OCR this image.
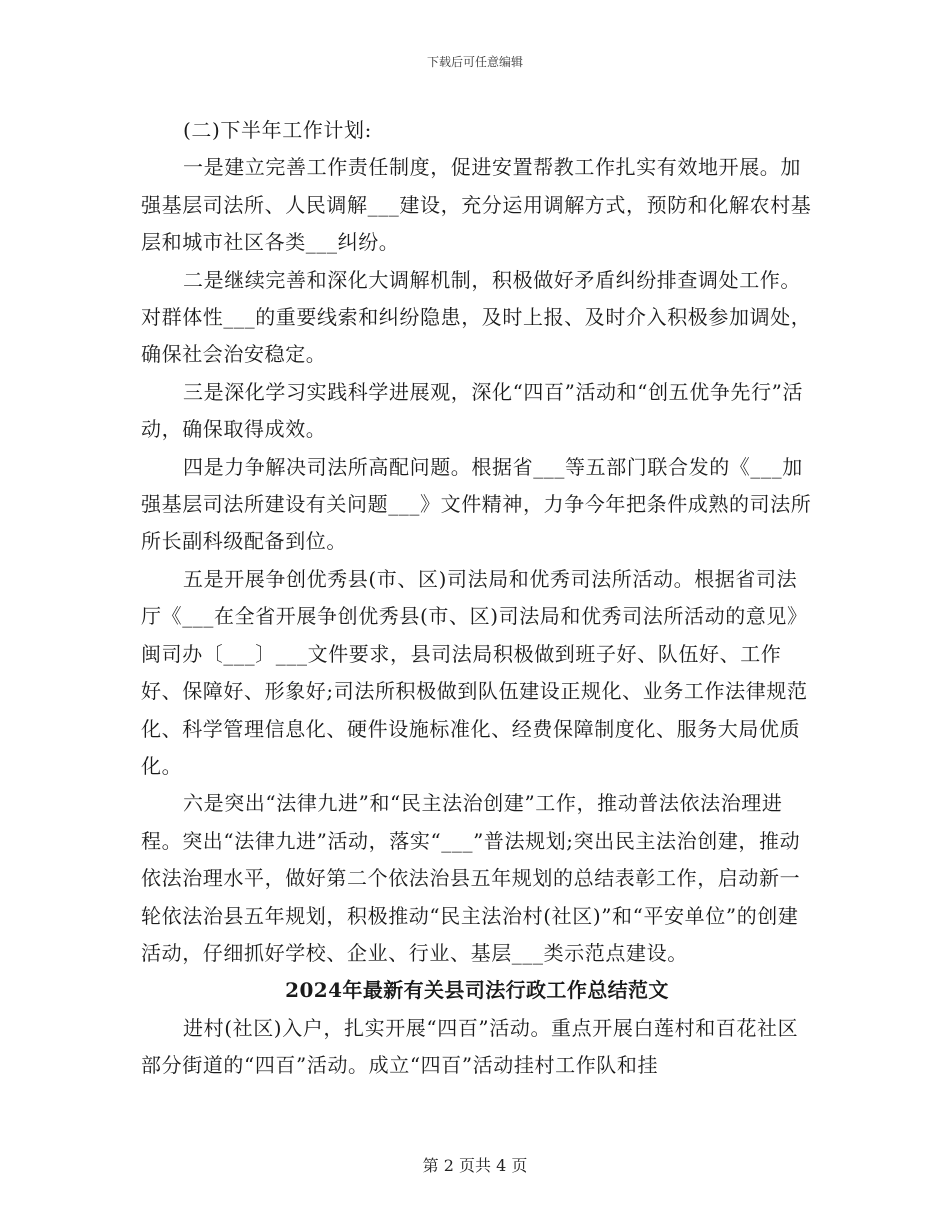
下载后可任意编辑

(二)下半年工作计划:

一是建立完善工作责任制度，促进安置帮教工作扎实有效地开展。加强基层司法所、人民调解___建设，充分运用调解方式，预防和化解农村基层和城市社区各类___纠纷。

二是继续完善和深化大调解机制，积极做好矛盾纠纷排查调处工作。对群体性___的重要线索和纠纷隐患，及时上报、及时介入积极参加调处，确保社会治安稳定。

三是深化学习实践科学进展观，深化“四百”活动和“创五优争先行”活动，确保取得成效。

四是力争解决司法所高配问题。根据省___等五部门联合发的《___加强基层司法所建设有关问题___》文件精神，力争今年把条件成熟的司法所所长副科级配备到位。

五是开展争创优秀县(市、区)司法局和优秀司法所活动。根据省司法厅《___在全省开展争创优秀县(市、区)司法局和优秀司法所活动的意见》闽司办〔___〕___文件要求，县司法局积极做到班子好、队伍好、工作好、保障好、形象好;司法所积极做到队伍建设正规化、业务工作法律规范化、科学管理信息化、硬件设施标准化、经费保障制度化、服务大局优质化。

六是突出“法律九进”和“民主法治创建”工作，推动普法依法治理进程。突出“法律九进”活动，落实“___”普法规划;突出民主法治创建，推动依法治理水平，做好第二个依法治县五年规划的总结表彰工作，启动新一轮依法治县五年规划，积极推动“民主法治村(社区)”和“平安单位”的创建活动，仔细抓好学校、企业、行业、基层___类示范点建设。

2024年最新有关县司法行政工作总结范文

进村(社区)入户，扎实开展“四百”活动。重点开展白莲村和百花社区部分街道的“四百”活动。成立“四百”活动挂村工作队和挂

第 2 页共 4 页
